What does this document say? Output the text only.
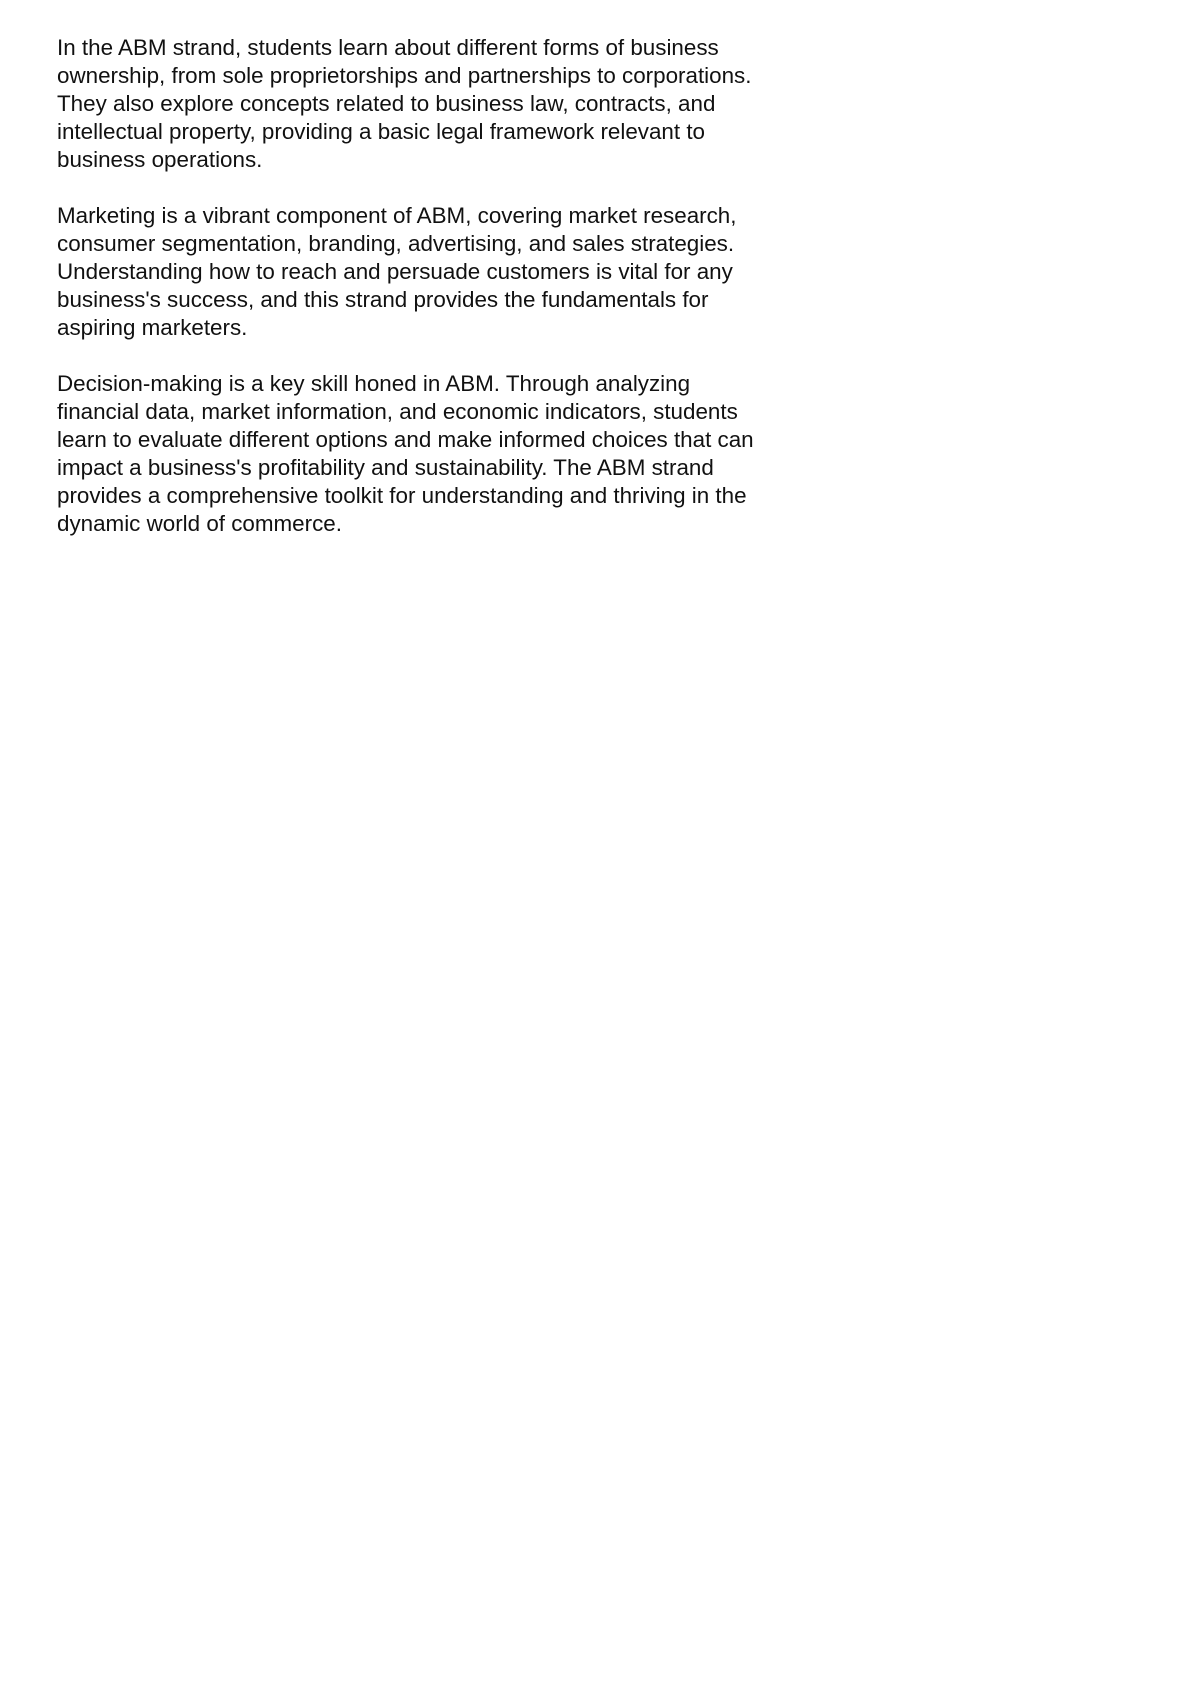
In the ABM strand, students learn about different forms of business
ownership, from sole proprietorships and partnerships to corporations.
They also explore concepts related to business law, contracts, and
intellectual property, providing a basic legal framework relevant to
business operations.

Marketing is a vibrant component of ABM, covering market research,
consumer segmentation, branding, advertising, and sales strategies.
Understanding how to reach and persuade customers is vital for any
business's success, and this strand provides the fundamentals for
aspiring marketers.

Decision-making is a key skill honed in ABM. Through analyzing
financial data, market information, and economic indicators, students
learn to evaluate different options and make informed choices that can
impact a business's profitability and sustainability. The ABM strand
provides a comprehensive toolkit for understanding and thriving in the
dynamic world of commerce.
